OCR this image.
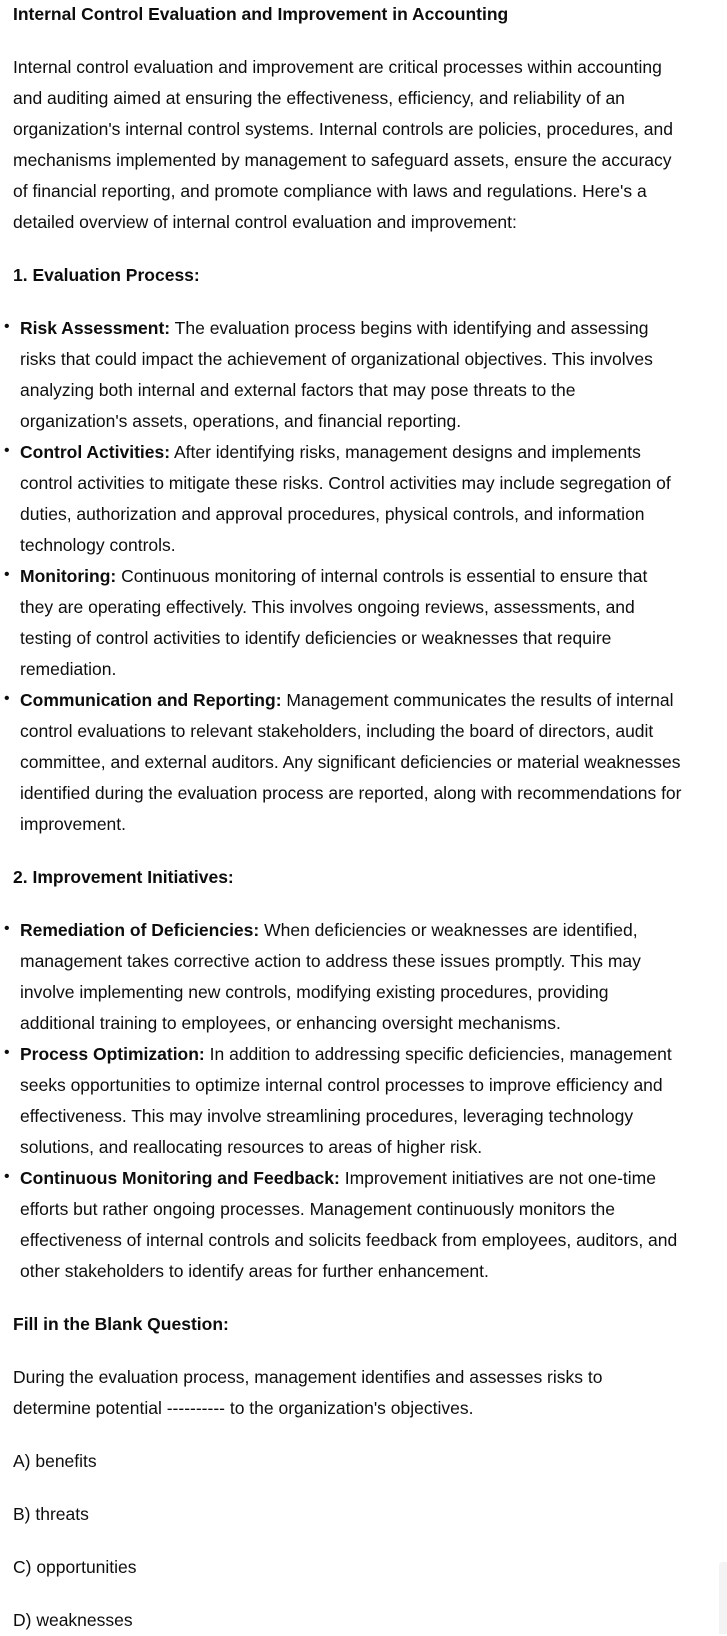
Internal Control Evaluation and Improvement in Accounting

Internal control evaluation and improvement are critical processes within accounting and auditing aimed at ensuring the effectiveness, efficiency, and reliability of an organization's internal control systems. Internal controls are policies, procedures, and mechanisms implemented by management to safeguard assets, ensure the accuracy of financial reporting, and promote compliance with laws and regulations. Here's a detailed overview of internal control evaluation and improvement:

1. Evaluation Process:

• Risk Assessment: The evaluation process begins with identifying and assessing risks that could impact the achievement of organizational objectives. This involves analyzing both internal and external factors that may pose threats to the organization's assets, operations, and financial reporting.
• Control Activities: After identifying risks, management designs and implements control activities to mitigate these risks. Control activities may include segregation of duties, authorization and approval procedures, physical controls, and information technology controls.
• Monitoring: Continuous monitoring of internal controls is essential to ensure that they are operating effectively. This involves ongoing reviews, assessments, and testing of control activities to identify deficiencies or weaknesses that require remediation.
• Communication and Reporting: Management communicates the results of internal control evaluations to relevant stakeholders, including the board of directors, audit committee, and external auditors. Any significant deficiencies or material weaknesses identified during the evaluation process are reported, along with recommendations for improvement.

2. Improvement Initiatives:

• Remediation of Deficiencies: When deficiencies or weaknesses are identified, management takes corrective action to address these issues promptly. This may involve implementing new controls, modifying existing procedures, providing additional training to employees, or enhancing oversight mechanisms.
• Process Optimization: In addition to addressing specific deficiencies, management seeks opportunities to optimize internal control processes to improve efficiency and effectiveness. This may involve streamlining procedures, leveraging technology solutions, and reallocating resources to areas of higher risk.
• Continuous Monitoring and Feedback: Improvement initiatives are not one-time efforts but rather ongoing processes. Management continuously monitors the effectiveness of internal controls and solicits feedback from employees, auditors, and other stakeholders to identify areas for further enhancement.

Fill in the Blank Question:

During the evaluation process, management identifies and assesses risks to determine potential ---------- to the organization's objectives.

A) benefits

B) threats

C) opportunities

D) weaknesses
